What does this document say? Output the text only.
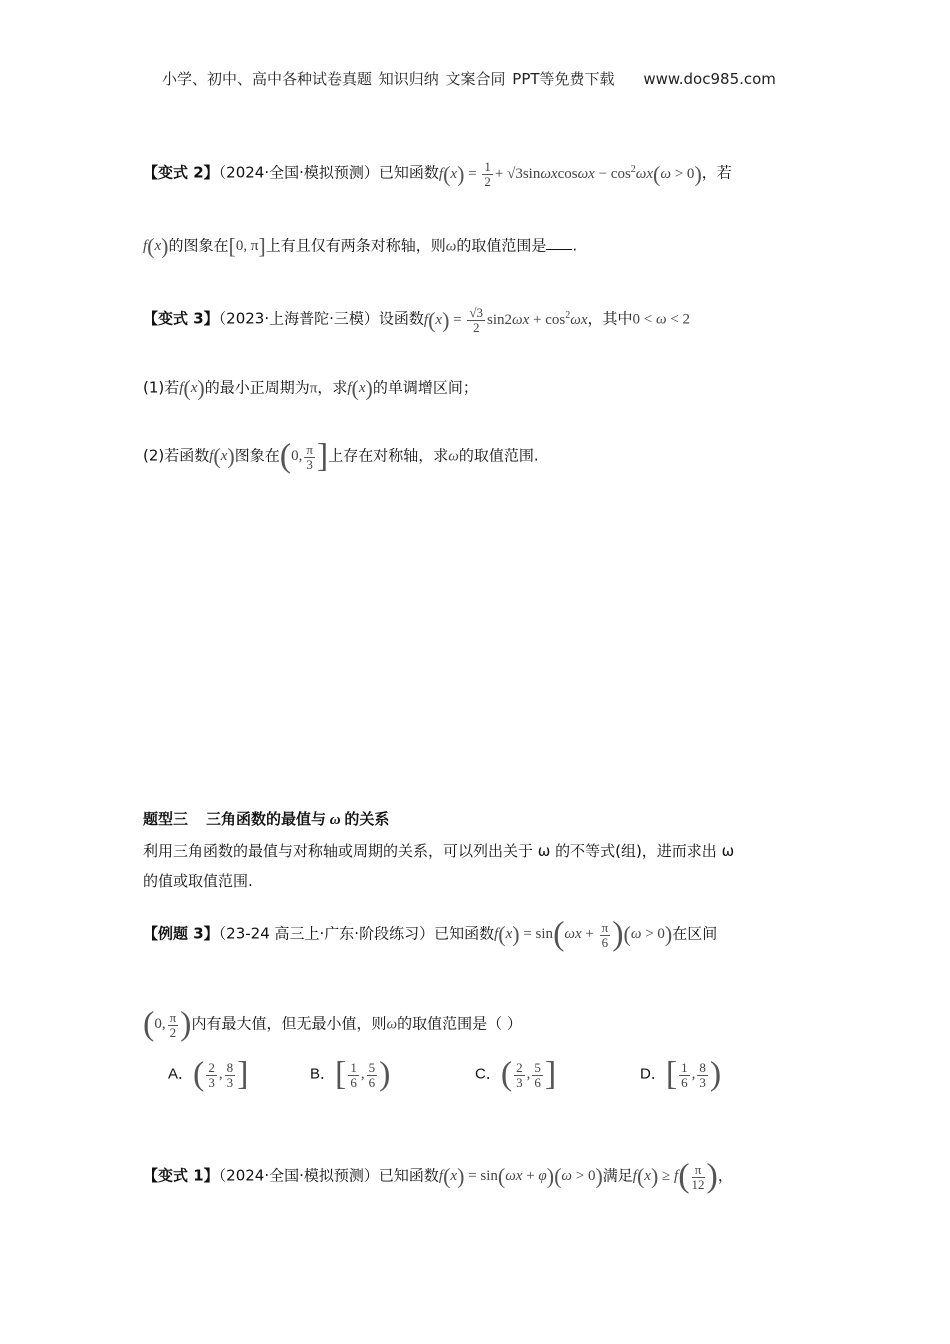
小学、初中、高中各种试卷真题 知识归纳 文案合同 PPT等免费下载 www.doc985.com
【变式 2】（2024·全国·模拟预测）已知函数$f(x) = \frac{1}{2} + √3\sin\omega xcos\omega x - \cos^2\omega x(\omega > 0)$，若
f(x)的图象在[0, π]上有且仅有两条对称轴，则ω的取值范围是 .
【变式 3】（2023·上海普陀·三模）设函数$f(x) = \frac{√3}{2} \sin 2\omega x + \cos^2\omega x$，其中0 < ω < 2
(1)若f(x)的最小正周期为π，求f(x)的单调增区间；
(2)若函数f(x)图象在(0, $\frac{\pi}{3}$ ]上存在对称轴，求ω的取值范围.
题型三 三角函数的最值与 ω 的关系
利用三角函数的最值与对称轴或周期的关系，可以列出关于 ω 的不等式(组)，进而求出 ω
的值或取值范围.
【例题 3】（23-24 高三上·广东·阶段练习）已知函数$f(x) = \sin(\omega x + \frac{\pi}{6} )(\omega > 0)$在区间
(0, $\frac{\pi}{2}$ )内有最大值，但无最小值，则ω的取值范围是（ ）
A．( $\frac{2}{3}$ , $\frac{8}{3}$ ]	B．[ $\frac{1}{6}$ , $\frac{5}{6}$ )	C．( $\frac{2}{3}$ , $\frac{5}{6}$ ]	D．[ $\frac{1}{6}$ , $\frac{8}{3}$ )
【变式 1】（2024·全国·模拟预测）已知函数f(x) = sin(ωx + φ)(ω > 0)满足$f(x) \ge f( \frac{\pi}{12}$ )，
